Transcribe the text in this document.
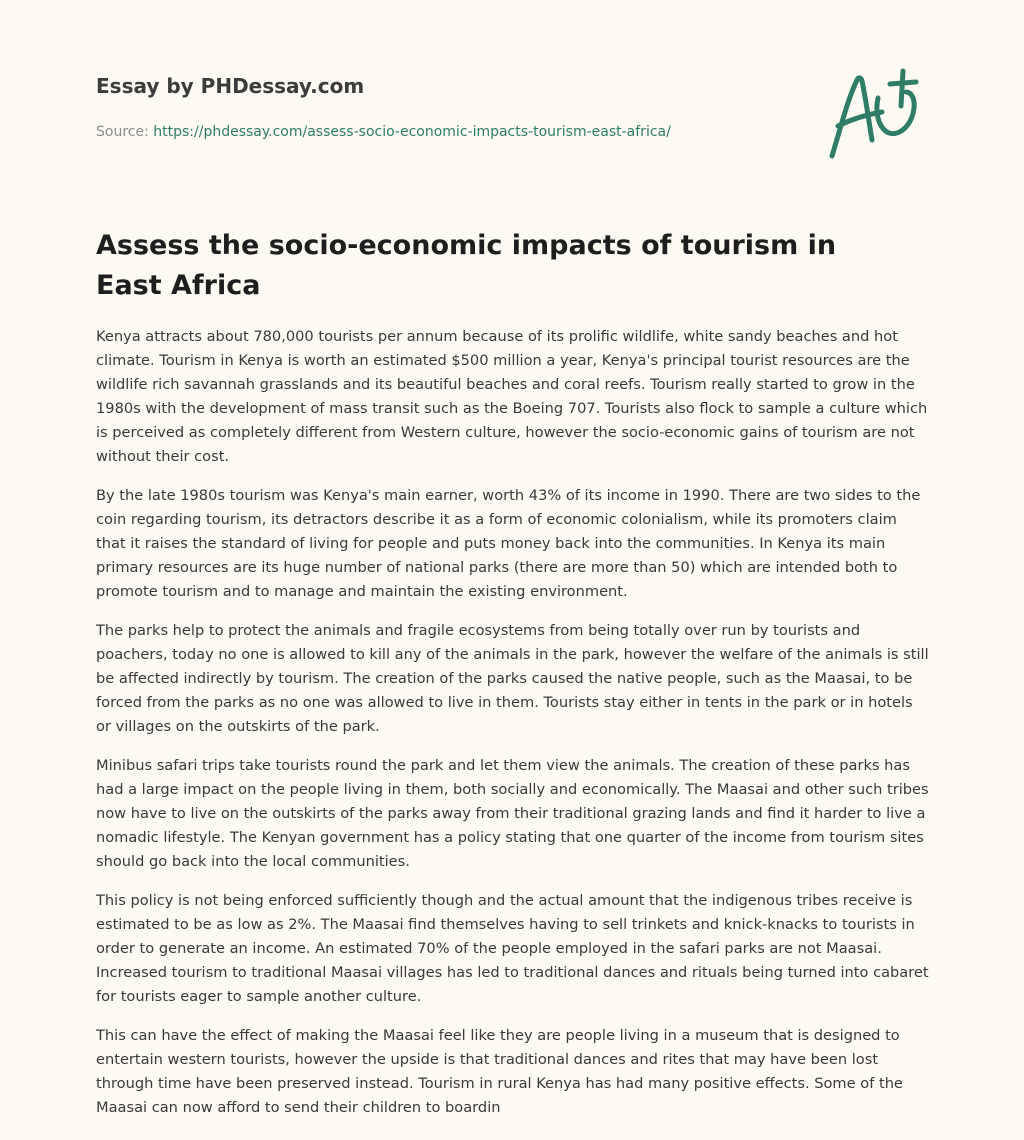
Essay by PHDessay.com
Source: https://phdessay.com/assess-socio-economic-impacts-tourism-east-africa/
Assess the socio-economic impacts of tourism in East Africa

Kenya attracts about 780,000 tourists per annum because of its prolific wildlife, white sandy beaches and hot climate. Tourism in Kenya is worth an estimated $500 million a year, Kenya's principal tourist resources are the wildlife rich savannah grasslands and its beautiful beaches and coral reefs. Tourism really started to grow in the 1980s with the development of mass transit such as the Boeing 707. Tourists also flock to sample a culture which is perceived as completely different from Western culture, however the socio-economic gains of tourism are not without their cost.

By the late 1980s tourism was Kenya's main earner, worth 43% of its income in 1990. There are two sides to the coin regarding tourism, its detractors describe it as a form of economic colonialism, while its promoters claim that it raises the standard of living for people and puts money back into the communities. In Kenya its main primary resources are its huge number of national parks (there are more than 50) which are intended both to promote tourism and to manage and maintain the existing environment.

The parks help to protect the animals and fragile ecosystems from being totally over run by tourists and poachers, today no one is allowed to kill any of the animals in the park, however the welfare of the animals is still be affected indirectly by tourism. The creation of the parks caused the native people, such as the Maasai, to be forced from the parks as no one was allowed to live in them. Tourists stay either in tents in the park or in hotels or villages on the outskirts of the park.

Minibus safari trips take tourists round the park and let them view the animals. The creation of these parks has had a large impact on the people living in them, both socially and economically. The Maasai and other such tribes now have to live on the outskirts of the parks away from their traditional grazing lands and find it harder to live a nomadic lifestyle. The Kenyan government has a policy stating that one quarter of the income from tourism sites should go back into the local communities.

This policy is not being enforced sufficiently though and the actual amount that the indigenous tribes receive is estimated to be as low as 2%. The Maasai find themselves having to sell trinkets and knick-knacks to tourists in order to generate an income. An estimated 70% of the people employed in the safari parks are not Maasai. Increased tourism to traditional Maasai villages has led to traditional dances and rituals being turned into cabaret for tourists eager to sample another culture.

This can have the effect of making the Maasai feel like they are people living in a museum that is designed to entertain western tourists, however the upside is that traditional dances and rites that may have been lost through time have been preserved instead. Tourism in rural Kenya has had many positive effects. Some of the Maasai can now afford to send their children to boardin
